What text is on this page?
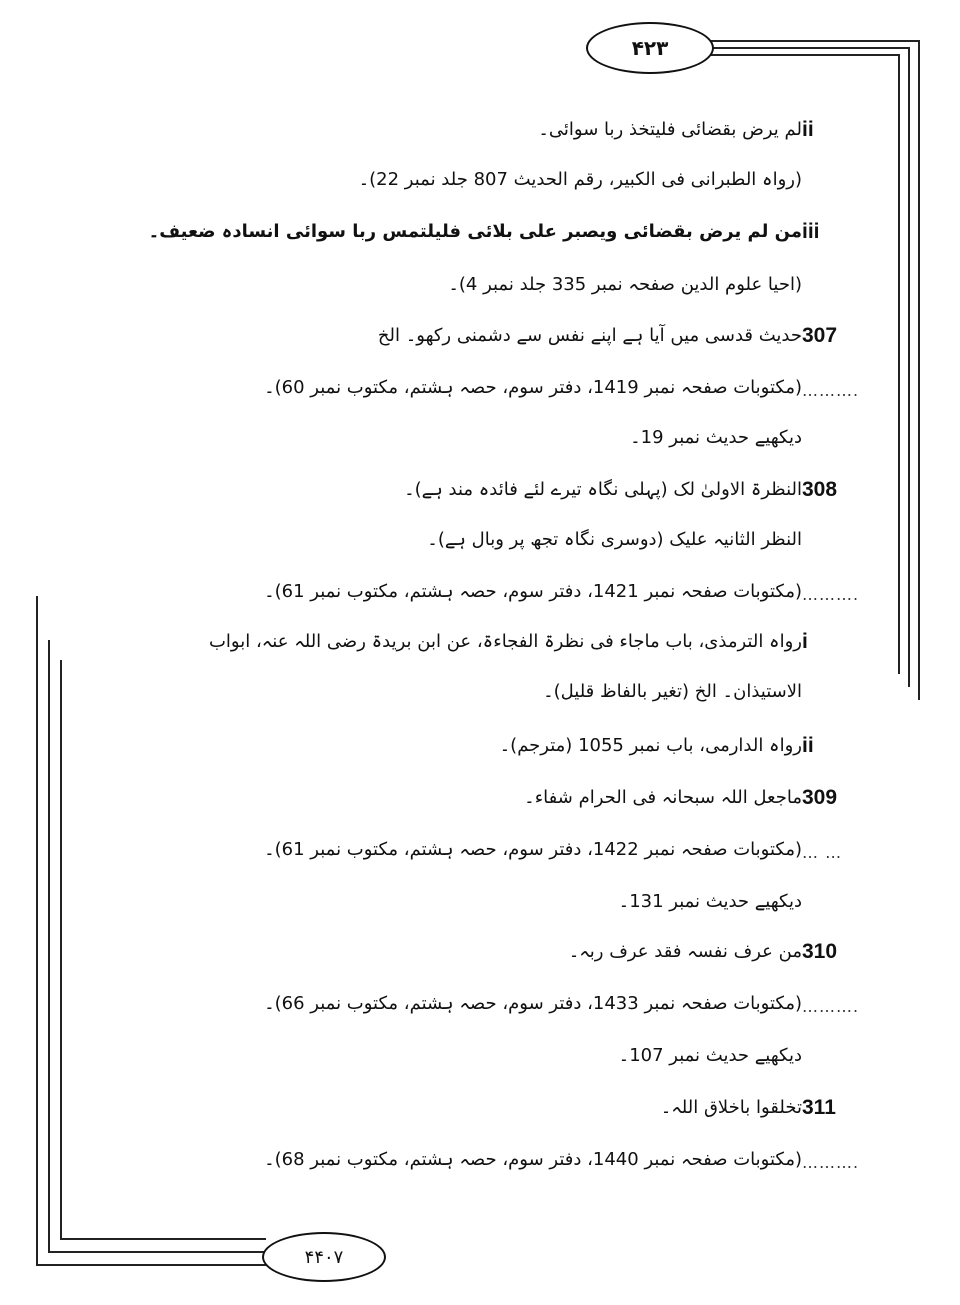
۴۲۳
۴۴۰۷
ii
لم یرض بقضائی فلیتخذ ربا سوائی۔
(رواہ الطبرانی فی الکبیر، رقم الحدیث 807 جلد نمبر 22)۔
iii
من لم یرض بقضائی ویصبر علی بلائی فلیلتمس ربا سوائی انسادہ ضعیف۔
(احیا علوم الدین صفحہ نمبر 335 جلد نمبر 4)۔
307
حدیث قدسی میں آیا ہے اپنے نفس سے دشمنی رکھو۔ الخ
……….
(مکتوبات صفحہ نمبر 1419، دفتر سوم، حصہ ہشتم، مکتوب نمبر 60)۔
دیکھیے حدیث نمبر 19۔
308
النظرۃ الاولیٰ لک (پہلی نگاہ تیرے لئے فائدہ مند ہے)۔
النظر الثانیہ علیک (دوسری نگاہ تجھ پر وبال ہے)۔
……….
(مکتوبات صفحہ نمبر 1421، دفتر سوم، حصہ ہشتم، مکتوب نمبر 61)۔
i
رواہ الترمذی، باب ماجاء فی نظرۃ الفجاءۃ، عن ابن بریدۃ رضی اللہ عنہ، ابواب
الاستیذان۔ الخ (تغیر بالفاظ قلیل)۔
ii
رواہ الدارمی، باب نمبر 1055 (مترجم)۔
309
ماجعل اللہ سبحانہ فی الحرام شفاء۔
… …
(مکتوبات صفحہ نمبر 1422، دفتر سوم، حصہ ہشتم، مکتوب نمبر 61)۔
دیکھیے حدیث نمبر 131۔
310
من عرف نفسہ فقد عرف ربہ۔
……….
(مکتوبات صفحہ نمبر 1433، دفتر سوم، حصہ ہشتم، مکتوب نمبر 66)۔
دیکھیے حدیث نمبر 107۔
311
تخلقوا باخلاق اللہ۔
……….
(مکتوبات صفحہ نمبر 1440، دفتر سوم، حصہ ہشتم، مکتوب نمبر 68)۔
